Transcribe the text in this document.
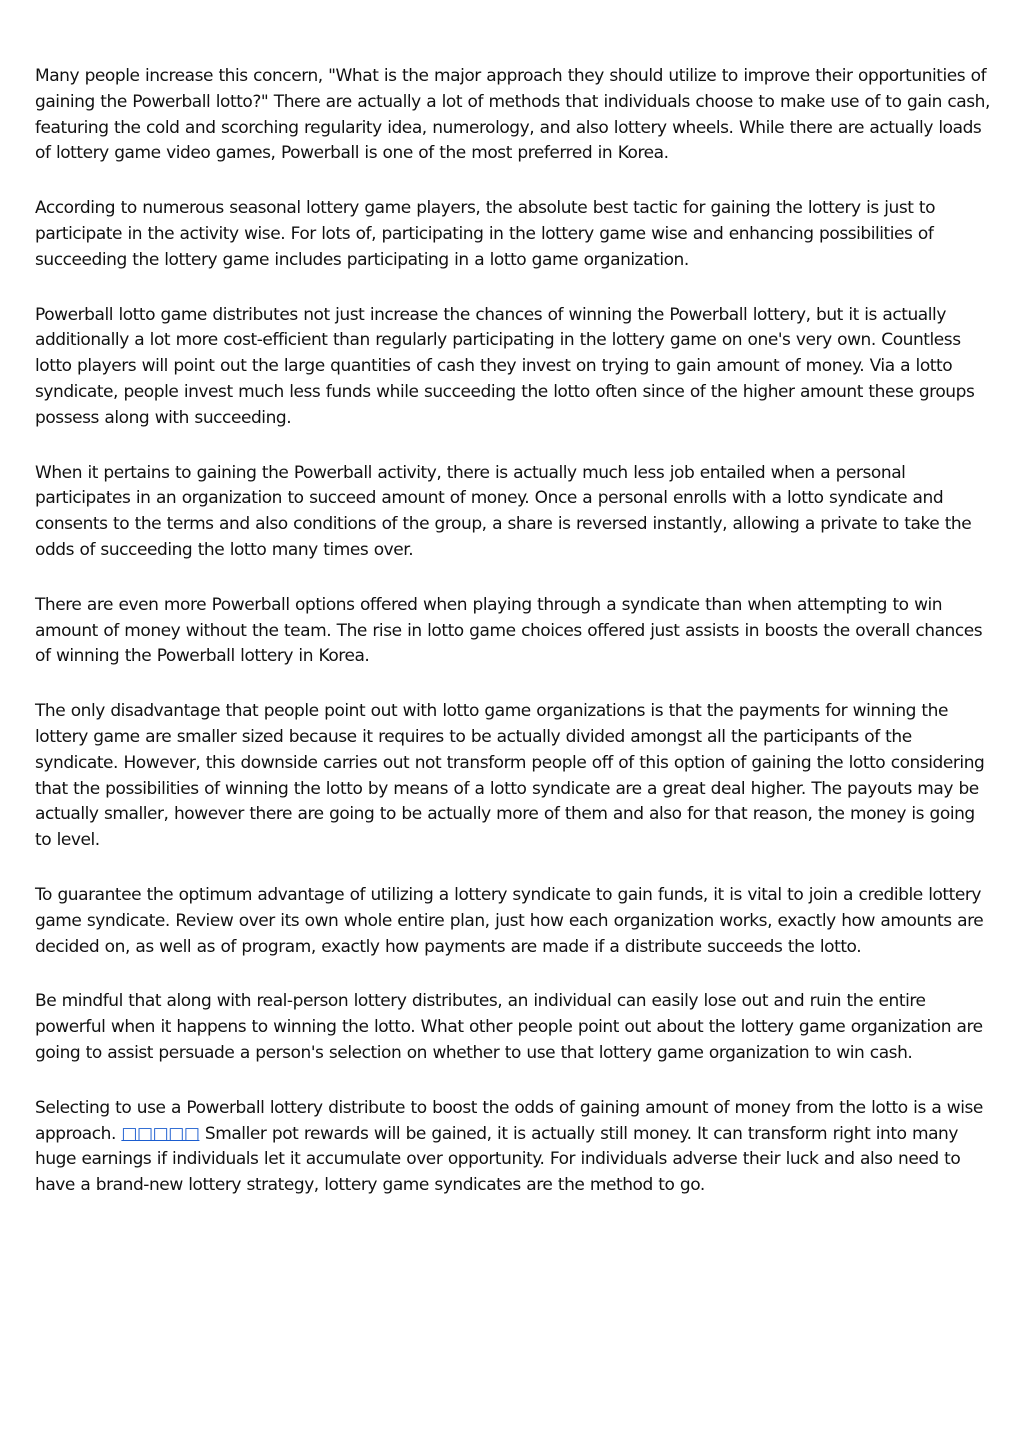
Many people increase this concern, "What is the major approach they should utilize to improve their opportunities of gaining the Powerball lotto?" There are actually a lot of methods that individuals choose to make use of to gain cash, featuring the cold and scorching regularity idea, numerology, and also lottery wheels. While there are actually loads of lottery game video games, Powerball is one of the most preferred in Korea.

According to numerous seasonal lottery game players, the absolute best tactic for gaining the lottery is just to participate in the activity wise. For lots of, participating in the lottery game wise and enhancing possibilities of succeeding the lottery game includes participating in a lotto game organization.

Powerball lotto game distributes not just increase the chances of winning the Powerball lottery, but it is actually additionally a lot more cost-efficient than regularly participating in the lottery game on one's very own. Countless lotto players will point out the large quantities of cash they invest on trying to gain amount of money. Via a lotto syndicate, people invest much less funds while succeeding the lotto often since of the higher amount these groups possess along with succeeding.

When it pertains to gaining the Powerball activity, there is actually much less job entailed when a personal participates in an organization to succeed amount of money. Once a personal enrolls with a lotto syndicate and consents to the terms and also conditions of the group, a share is reversed instantly, allowing a private to take the odds of succeeding the lotto many times over.

There are even more Powerball options offered when playing through a syndicate than when attempting to win amount of money without the team. The rise in lotto game choices offered just assists in boosts the overall chances of winning the Powerball lottery in Korea.

The only disadvantage that people point out with lotto game organizations is that the payments for winning the lottery game are smaller sized because it requires to be actually divided amongst all the participants of the syndicate. However, this downside carries out not transform people off of this option of gaining the lotto considering that the possibilities of winning the lotto by means of a lotto syndicate are a great deal higher. The payouts may be actually smaller, however there are going to be actually more of them and also for that reason, the money is going to level.

To guarantee the optimum advantage of utilizing a lottery syndicate to gain funds, it is vital to join a credible lottery game syndicate. Review over its own whole entire plan, just how each organization works, exactly how amounts are decided on, as well as of program, exactly how payments are made if a distribute succeeds the lotto.

Be mindful that along with real-person lottery distributes, an individual can easily lose out and ruin the entire powerful when it happens to winning the lotto. What other people point out about the lottery game organization are going to assist persuade a person's selection on whether to use that lottery game organization to win cash.

Selecting to use a Powerball lottery distribute to boost the odds of gaining amount of money from the lotto is a wise approach. □□□□□ Smaller pot rewards will be gained, it is actually still money. It can transform right into many huge earnings if individuals let it accumulate over opportunity. For individuals adverse their luck and also need to have a brand-new lottery strategy, lottery game syndicates are the method to go.
